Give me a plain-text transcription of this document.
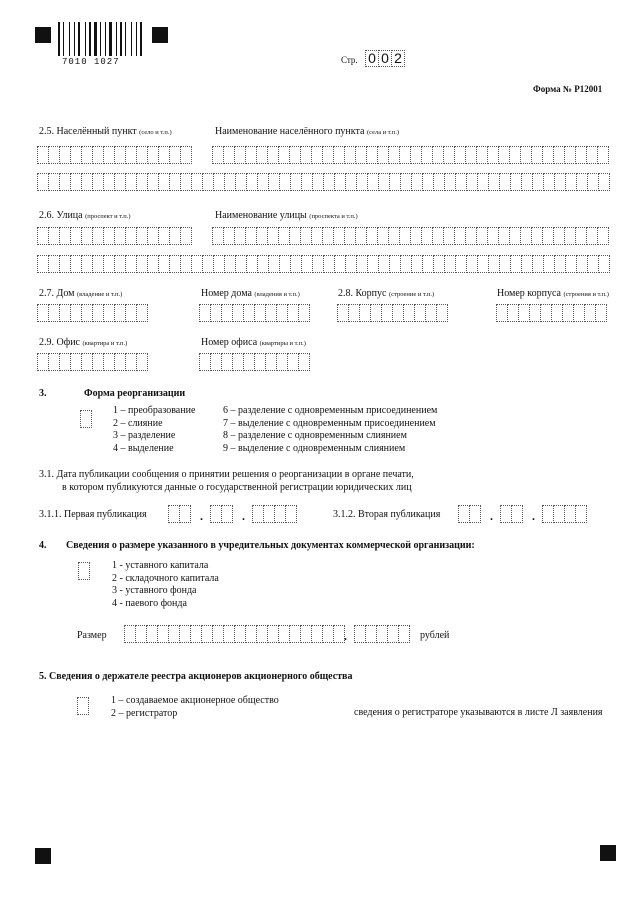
7010 1027	Стр. 0 0 2
Форма № Р12001
2.5. Населённый пункт (село и т.п.)	Наименование населённого пункта (села и т.п.)
2.6. Улица (проспект и т.п.)	Наименование улицы (проспекта и т.п.)
2.7. Дом (владение и т.п.)	Номер дома (владения и т.п.)	2.8. Корпус (строение и т.п.)	Номер корпуса (строения и т.п.)
2.9. Офис (квартира и т.п.)	Номер офиса (квартиры и т.п.)
3.	Форма реорганизации
1 – преобразование
2 – слияние
3 – разделение
4 – выделение
6 – разделение с одновременным присоединением
7 – выделение с одновременным присоединением
8 – разделение с одновременным слиянием
9 – выделение с одновременным слиянием
3.1. Дата публикации сообщения о принятии решения о реорганизации в органе печати,
в котором публикуются данные о государственной регистрации юридических лиц
3.1.1. Первая публикация	.	.	3.1.2. Вторая публикация	.	.
4. Сведения о размере указанного в учредительных документах коммерческой организации:
1 - уставного капитала
2 - складочного капитала
3 - уставного фонда
4 - паевого фонда
Размер	.	рублей
5. Сведения о держателе реестра акционеров акционерного общества
1 – создаваемое акционерное общество
2 – регистратор	сведения о регистраторе указываются в листе Л заявления
